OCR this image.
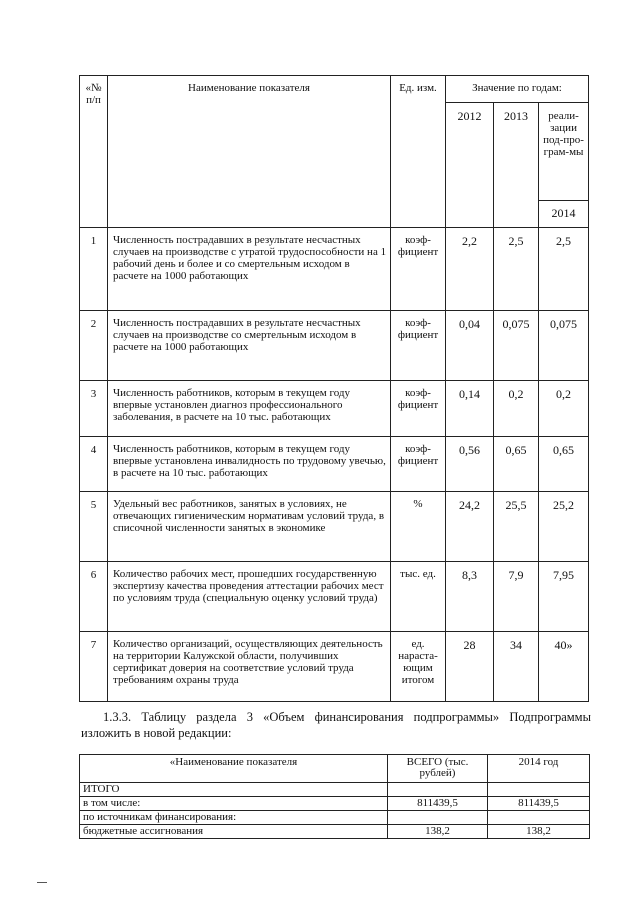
«№ п/п	Наименование показателя	Ед. изм.	Значение по годам:		
			2012	2013	реали-зации под-про-грам-мы
					2014
1	Численность пострадавших в результате несчастных случаев на производстве с утратой трудоспособности на 1 рабочий день и более и со смертельным исходом в расчете на 1000 работающих	коэф-фициент	2,2	2,5	2,5
2	Численность пострадавших в результате несчастных случаев на производстве со смертельным исходом в расчете на 1000 работающих	коэф-фициент	0,04	0,075	0,075
3	Численность работников, которым в текущем году впервые установлен диагноз профессионального заболевания, в расчете на 10 тыс. работающих	коэф-фициент	0,14	0,2	0,2
4	Численность работников, которым в текущем году впервые установлена инвалидность по трудовому увечью, в расчете на 10 тыс. работающих	коэф-фициент	0,56	0,65	0,65
5	Удельный вес работников, занятых в условиях, не отвечающих гигиеническим нормативам условий труда, в списочной численности занятых в экономике	%	24,2	25,5	25,2
6	Количество рабочих мест, прошедших государственную экспертизу качества проведения аттестации рабочих мест по условиям труда (специальную оценку условий труда)	тыс. ед.	8,3	7,9	7,95
7	Количество организаций, осуществляющих деятельность на территории Калужской области, получивших сертификат доверия на соответствие условий труда требованиям охраны труда	ед. нараста-ющим итогом	28	34	40»
1.3.3. Таблицу раздела 3 «Объем финансирования подпрограммы» Подпрограммы
изложить в новой редакции:
«Наименование показателя	ВСЕГО (тыс. рублей)	2014 год
ИТОГО		
в том числе:	811439,5	811439,5
по источникам финансирования:		
бюджетные ассигнования	138,2	138,2
